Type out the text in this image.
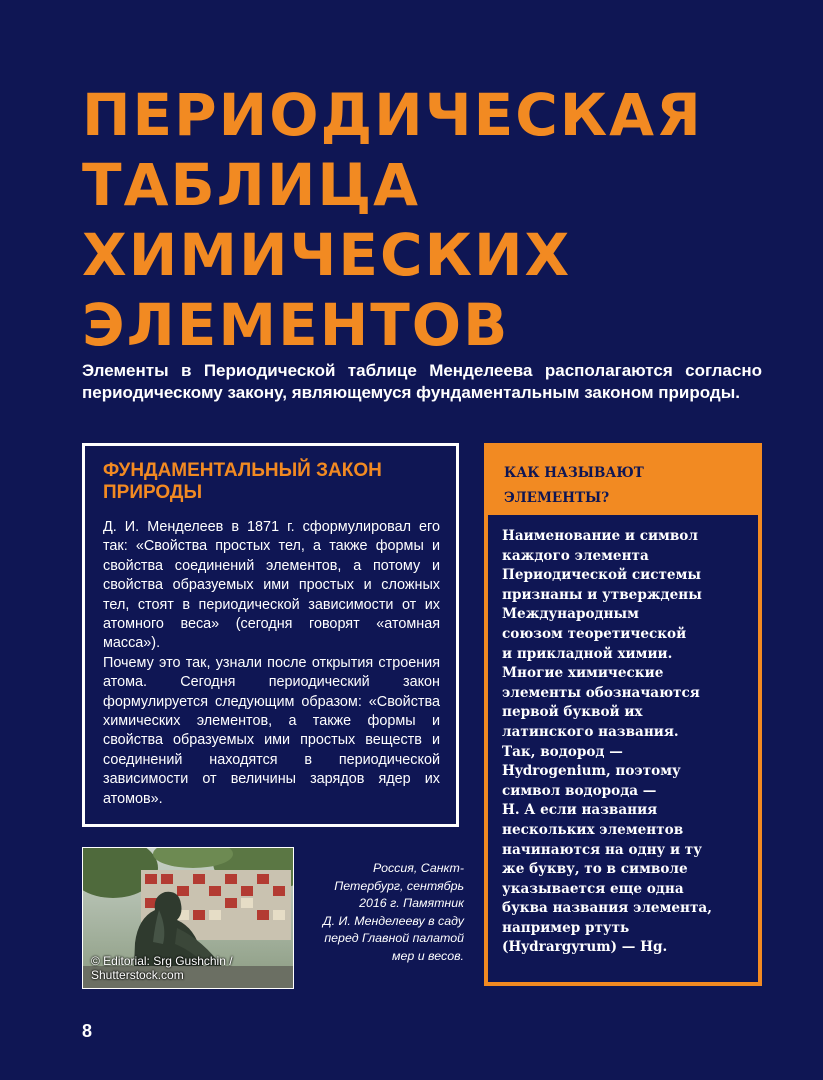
ПЕРИОДИЧЕСКАЯ
ТАБЛИЦА
ХИМИЧЕСКИХ
ЭЛЕМЕНТОВ

Элементы в Периодической таблице Менделеева располагаются согласно периодическому закону, являющемуся фундаментальным законом природы.

ФУНДАМЕНТАЛЬНЫЙ ЗАКОН
ПРИРОДЫ

Д. И. Менделеев в 1871 г. сформулировал его так: «Свойства простых тел, а также формы и свойства соединений элементов, а потому и свойства образуемых ими простых и сложных тел, стоят в периодической зависимости от их атомного веса» (сегодня говорят «атомная масса»).

Почему это так, узнали после открытия строения атома. Сегодня периодический закон формулируется следующим образом: «Свойства химических элементов, а также формы и свойства образуемых ими простых веществ и соединений находятся в периодической зависимости от величины зарядов ядер их атомов».

КАК НАЗЫВАЮТ
ЭЛЕМЕНТЫ?
Наименование и символ
каждого элемента
Периодической системы
признаны и утверждены
Международным
союзом теоретической
и прикладной химии.
Многие химические
элементы обозначаются
первой буквой их
латинского названия.
Так, водород —
Hydrogenium, поэтому
символ водорода —
Н. А если названия
нескольких элементов
начинаются на одну и ту
же букву, то в символе
указывается еще одна
буква названия элемента,
например ртуть
(Hydrargyrum) — Hg.
© Editorial: Srg Gushchin /
Shutterstock.com

Россия, Санкт-
Петербург, сентябрь
2016 г. Памятник
Д. И. Менделееву в саду
перед Главной палатой
мер и весов.

8
